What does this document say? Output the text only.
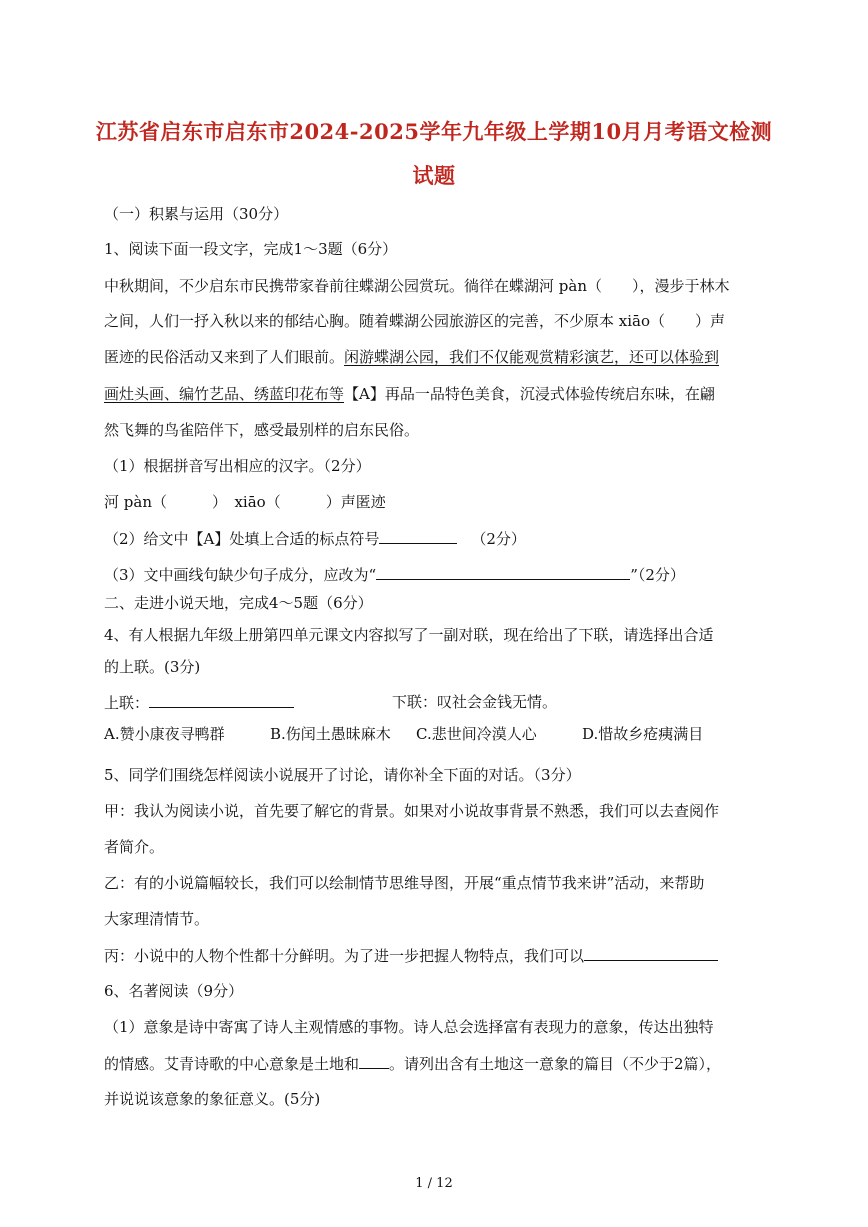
江苏省启东市启东市2024-2025学年九年级上学期10月月考语文检测
试题
（一）积累与运用（30分）
1、阅读下面一段文字，完成1～3题（6分）
中秋期间，不少启东市民携带家眷前往蝶湖公园赏玩。徜徉在蝶湖河 pàn（　　），漫步于林木
之间，人们一抒入秋以来的郁结心胸。随着蝶湖公园旅游区的完善，不少原本 xiāo（　　）声
匿迹的民俗活动又来到了人们眼前。闲游蝶湖公园，我们不仅能观赏精彩演艺，还可以体验到
画灶头画、编竹艺品、绣蓝印花布等【A】再品一品特色美食，沉浸式体验传统启东味，在翩
然飞舞的鸟雀陪伴下，感受最别样的启东民俗。
（1）根据拼音写出相应的汉字。（2分）
河 pàn（　　　）　xiāo（　　　）声匿迹
（2）给文中【A】处填上合适的标点符号	（2分）
（3）文中画线句缺少句子成分，应改为“	”（2分）
二、走进小说天地，完成4～5题（6分）
4、有人根据九年级上册第四单元课文内容拟写了一副对联，现在给出了下联，请选择出合适
的上联。(3分)
上联：	下联：叹社会金钱无情。
A.赞小康夜寻鸭群	B.伤闰土愚昧麻木 C.悲世间冷漠人心	D.惜故乡疮痍满目
5、同学们围绕怎样阅读小说展开了讨论，请你补全下面的对话。（3分）
甲：我认为阅读小说，首先要了解它的背景。如果对小说故事背景不熟悉，我们可以去查阅作
者简介。
乙：有的小说篇幅较长，我们可以绘制情节思维导图，开展“重点情节我来讲”活动，来帮助
大家理清情节。
丙：小说中的人物个性都十分鲜明。为了进一步把握人物特点，我们可以
6、名著阅读（9分）
（1）意象是诗中寄寓了诗人主观情感的事物。诗人总会选择富有表现力的意象，传达出独特
的情感。艾青诗歌的中心意象是土地和 。请列出含有土地这一意象的篇目（不少于2篇），
并说说该意象的象征意义。(5分)
1 / 12
